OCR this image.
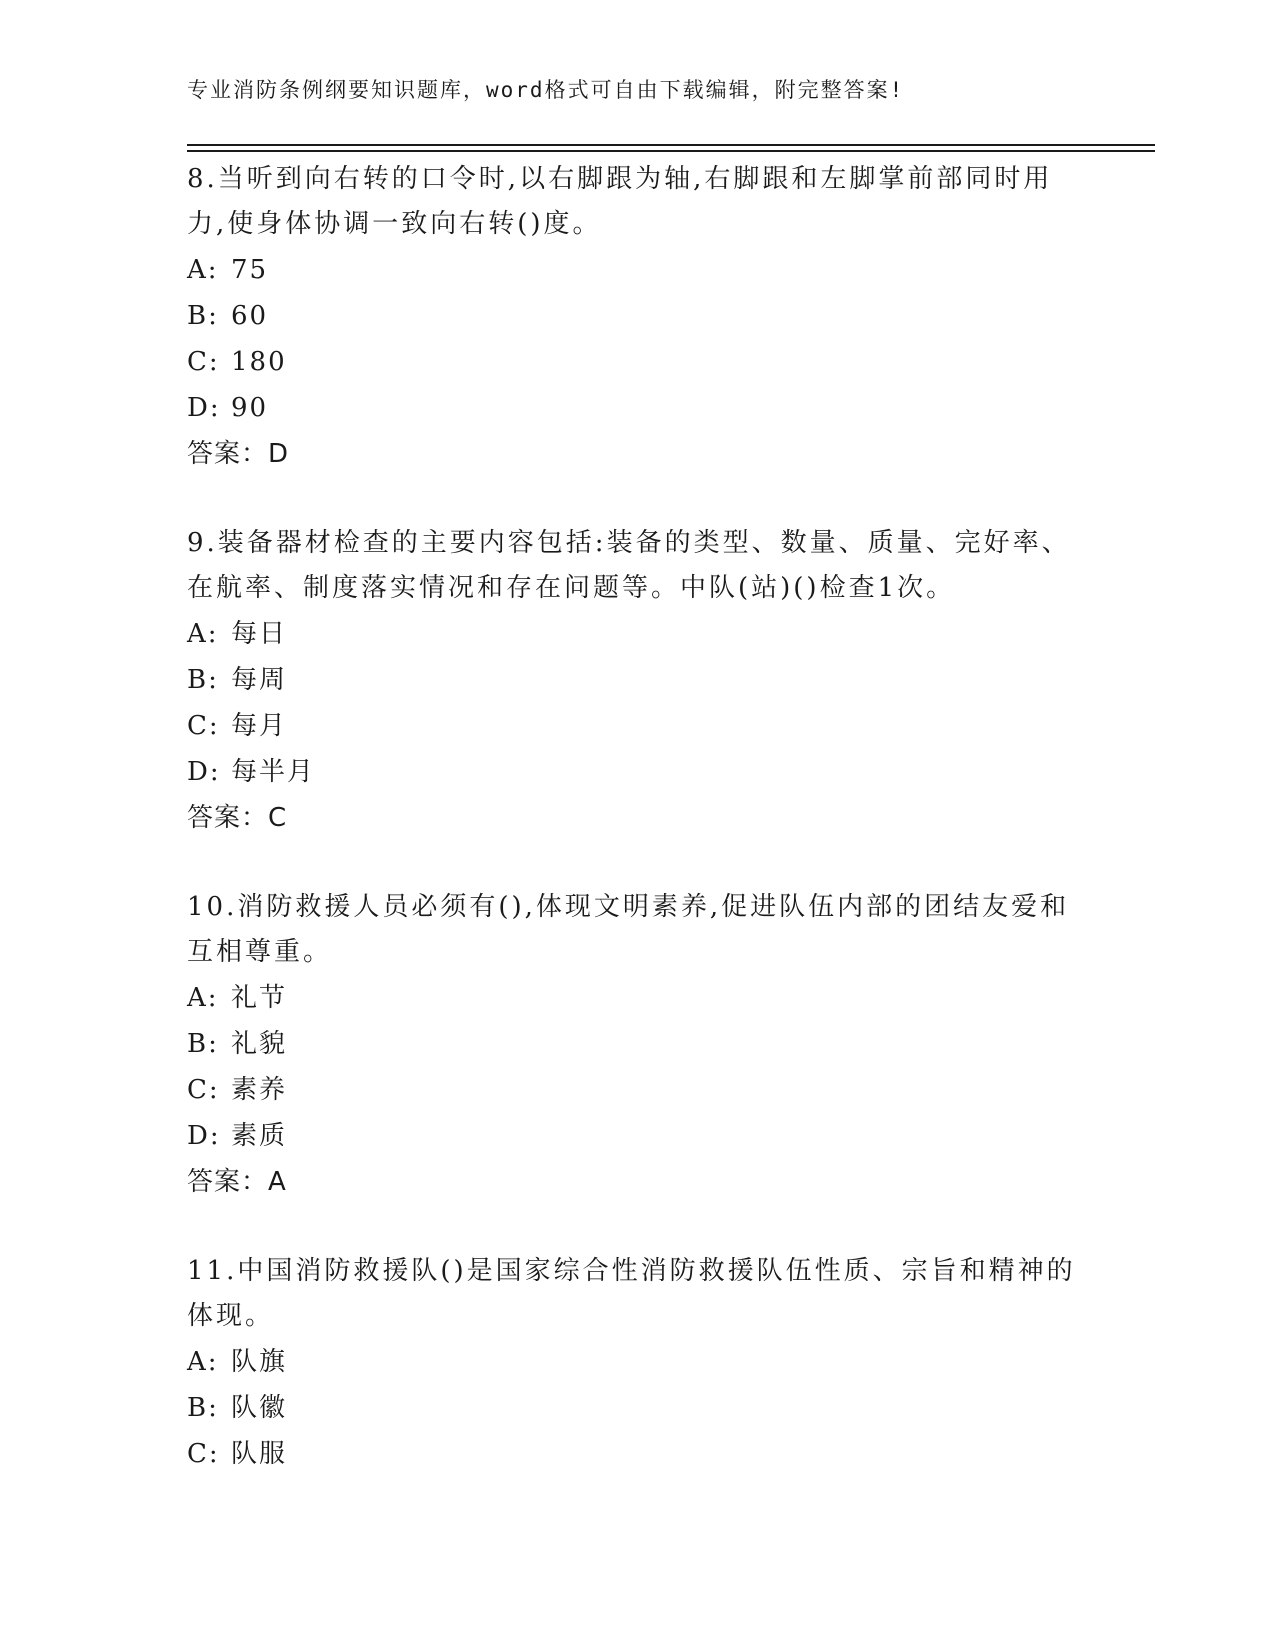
专业消防条例纲要知识题库，word格式可自由下载编辑，附完整答案!
8.当听到向右转的口令时,以右脚跟为轴,右脚跟和左脚掌前部同时用力,使身体协调一致向右转()度。
A: 75
B: 60
C: 180
D: 90
答案：D
9.装备器材检查的主要内容包括:装备的类型、数量、质量、完好率、在航率、制度落实情况和存在问题等。中队(站)()检查1次。
A: 每日
B: 每周
C: 每月
D: 每半月
答案：C
10.消防救援人员必须有(),体现文明素养,促进队伍内部的团结友爱和互相尊重。
A: 礼节
B: 礼貌
C: 素养
D: 素质
答案：A
11.中国消防救援队()是国家综合性消防救援队伍性质、宗旨和精神的体现。
A: 队旗
B: 队徽
C: 队服
